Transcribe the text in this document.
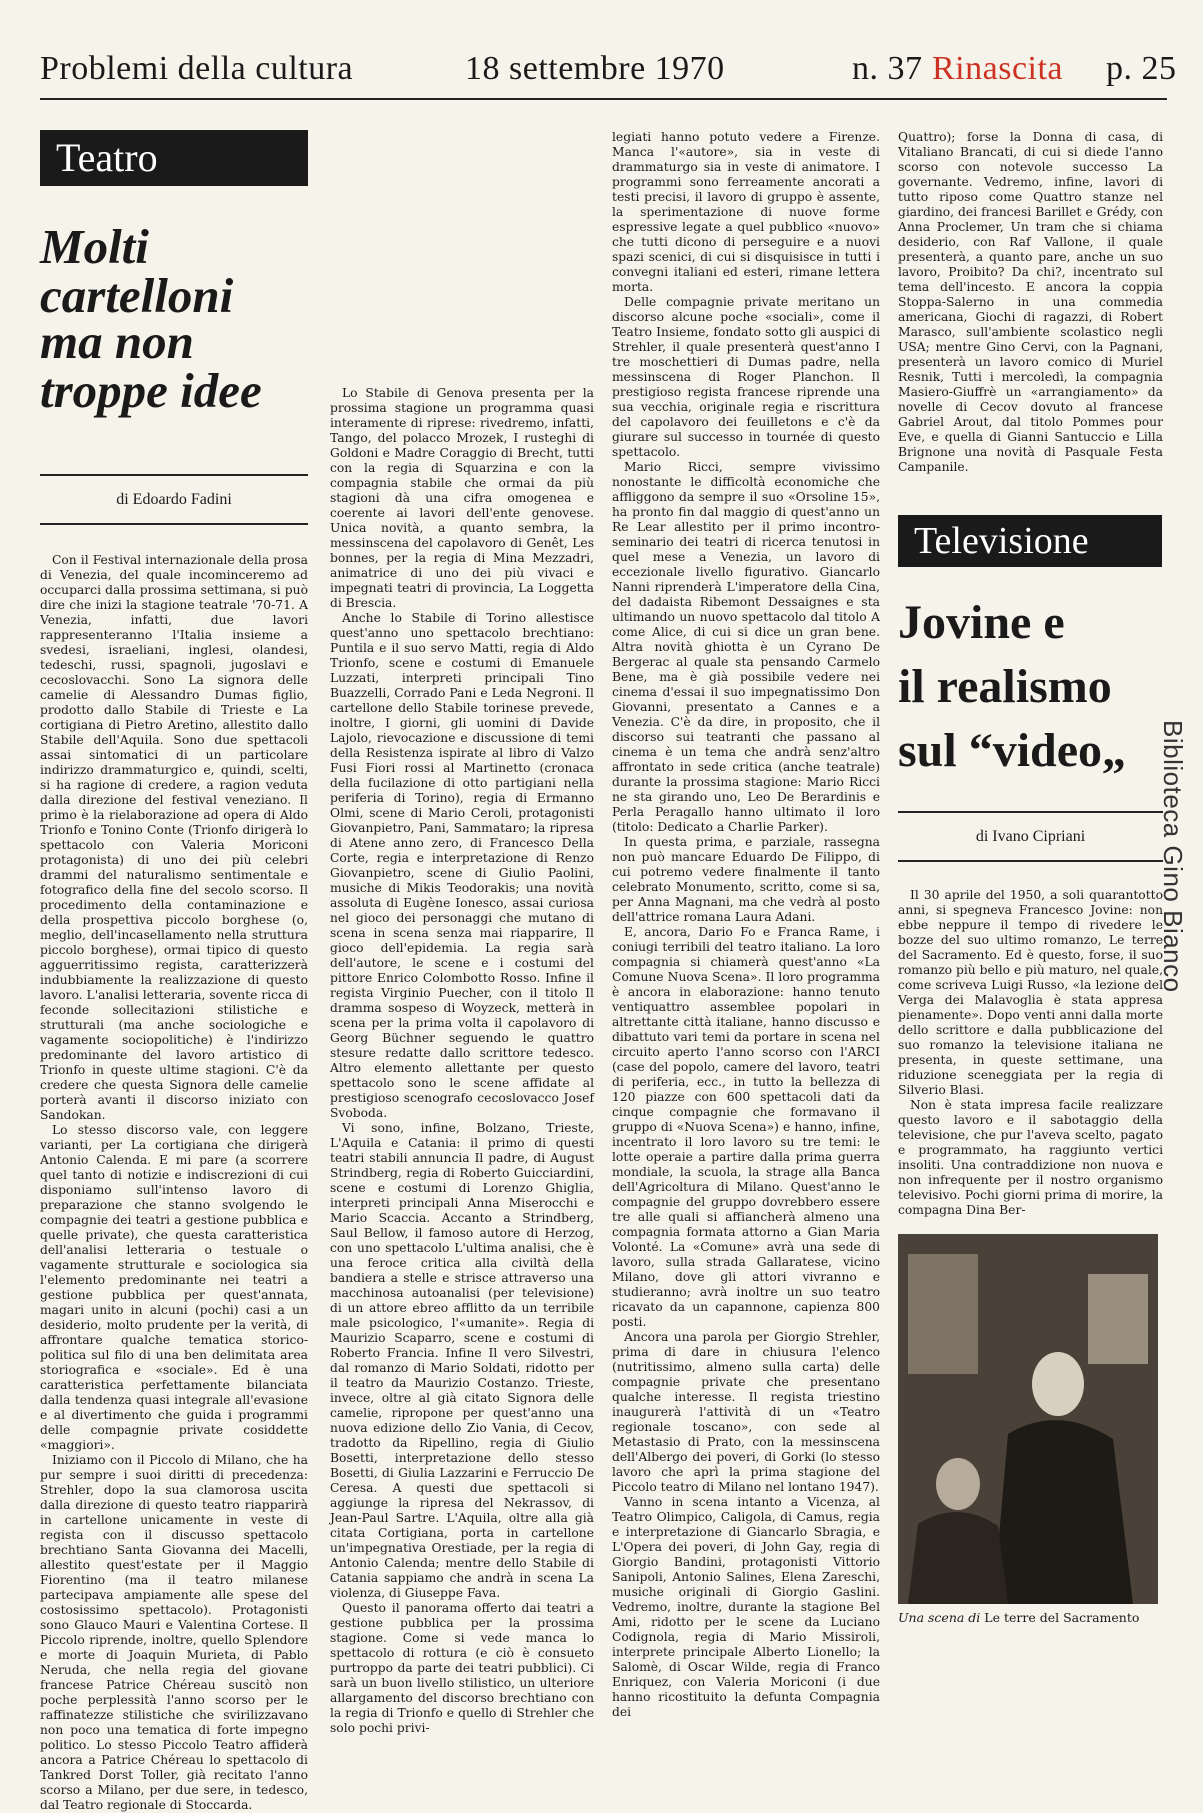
Problemi della cultura	18 settembre 1970	n. 37 Rinascita p. 25
Teatro
Molti cartelloni
ma non troppe idee
di Edoardo Fadini

Con il Festival internazionale della prosa di Venezia, del quale incominceremo ad occuparci dalla prossima settimana, si può dire che inizi la stagione teatrale '70-71. A Venezia, infatti, due lavori rappresenteranno l'Italia insieme a svedesi, israeliani, inglesi, olandesi, tedeschi, russi, spagnoli, jugoslavi e cecoslovacchi. Sono La signora delle camelie di Alessandro Dumas figlio, prodotto dallo Stabile di Trieste e La cortigiana di Pietro Aretino, allestito dallo Stabile dell'Aquila. Sono due spettacoli assai sintomatici di un particolare indirizzo drammaturgico e, quindi, scelti, si ha ragione di credere, a ragion veduta dalla direzione del festival veneziano. Il primo è la rielaborazione ad opera di Aldo Trionfo e Tonino Conte (Trionfo dirigerà lo spettacolo con Valeria Moriconi protagonista) di uno dei più celebri drammi del naturalismo sentimentale e fotografico della fine del secolo scorso. Il procedimento della contaminazione e della prospettiva piccolo borghese (o, meglio, dell'incasellamento nella struttura piccolo borghese), ormai tipico di questo agguerritissimo regista, caratterizzerà indubbiamente la realizzazione di questo lavoro. L'analisi letteraria, sovente ricca di feconde sollecitazioni stilistiche e strutturali (ma anche sociologiche e vagamente sociopolitiche) è l'indirizzo predominante del lavoro artistico di Trionfo in queste ultime stagioni. C'è da credere che questa Signora delle camelie porterà avanti il discorso iniziato con Sandokan.

Lo stesso discorso vale, con leggere varianti, per La cortigiana che dirigerà Antonio Calenda. E mi pare (a scorrere quel tanto di notizie e indiscrezioni di cui disponiamo sull'intenso lavoro di preparazione che stanno svolgendo le compagnie dei teatri a gestione pubblica e quelle private), che questa caratteristica dell'analisi letteraria o testuale o vagamente strutturale e sociologica sia l'elemento predominante nei teatri a gestione pubblica per quest'annata, magari unito in alcuni (pochi) casi a un desiderio, molto prudente per la verità, di affrontare qualche tematica storico-politica sul filo di una ben delimitata area storiografica e «sociale». Ed è una caratteristica perfettamente bilanciata dalla tendenza quasi integrale all'evasione e al divertimento che guida i programmi delle compagnie private cosiddette «maggiori».

Iniziamo con il Piccolo di Milano, che ha pur sempre i suoi diritti di precedenza: Strehler, dopo la sua clamorosa uscita dalla direzione di questo teatro riapparirà in cartellone unicamente in veste di regista con il discusso spettacolo brechtiano Santa Giovanna dei Macelli, allestito quest'estate per il Maggio Fiorentino (ma il teatro milanese partecipava ampiamente alle spese del costosissimo spettacolo). Protagonisti sono Glauco Mauri e Valentina Cortese. Il Piccolo riprende, inoltre, quello Splendore e morte di Joaquin Murieta, di Pablo Neruda, che nella regia del giovane francese Patrice Chéreau suscitò non poche perplessità l'anno scorso per le raffinatezze stilistiche che svirilizzavano non poco una tematica di forte impegno politico. Lo stesso Piccolo Teatro affiderà ancora a Patrice Chéreau lo spettacolo di Tankred Dorst Toller, già recitato l'anno scorso a Milano, per due sere, in tedesco, dal Teatro regionale di Stoccarda.

Lo Stabile di Genova presenta per la prossima stagione un programma quasi interamente di riprese: rivedremo, infatti, Tango, del polacco Mrozek, I rusteghi di Goldoni e Madre Coraggio di Brecht, tutti con la regia di Squarzina e con la compagnia stabile che ormai da più stagioni dà una cifra omogenea e coerente ai lavori dell'ente genovese. Unica novità, a quanto sembra, la messinscena del capolavoro di Genêt, Les bonnes, per la regia di Mina Mezzadri, animatrice di uno dei più vivaci e impegnati teatri di provincia, La Loggetta di Brescia.

Anche lo Stabile di Torino allestisce quest'anno uno spettacolo brechtiano: Puntila e il suo servo Matti, regia di Aldo Trionfo, scene e costumi di Emanuele Luzzati, interpreti principali Tino Buazzelli, Corrado Pani e Leda Negroni. Il cartellone dello Stabile torinese prevede, inoltre, I giorni, gli uomini di Davide Lajolo, rievocazione e discussione di temi della Resistenza ispirate al libro di Valzo Fusi Fiori rossi al Martinetto (cronaca della fucilazione di otto partigiani nella periferia di Torino), regia di Ermanno Olmi, scene di Mario Ceroli, protagonisti Giovanpietro, Pani, Sammataro; la ripresa di Atene anno zero, di Francesco Della Corte, regia e interpretazione di Renzo Giovanpietro, scene di Giulio Paolini, musiche di Mikis Teodorakis; una novità assoluta di Eugène Ionesco, assai curiosa nel gioco dei personaggi che mutano di scena in scena senza mai riapparire, Il gioco dell'epidemia. La regia sarà dell'autore, le scene e i costumi del pittore Enrico Colombotto Rosso. Infine il regista Virginio Puecher, con il titolo Il dramma sospeso di Woyzeck, metterà in scena per la prima volta il capolavoro di Georg Büchner seguendo le quattro stesure redatte dallo scrittore tedesco. Altro elemento allettante per questo spettacolo sono le scene affidate al prestigioso scenografo cecoslovacco Josef Svoboda.

Vi sono, infine, Bolzano, Trieste, L'Aquila e Catania: il primo di questi teatri stabili annuncia Il padre, di August Strindberg, regia di Roberto Guicciardini, scene e costumi di Lorenzo Ghiglia, interpreti principali Anna Miserocchi e Mario Scaccia. Accanto a Strindberg, Saul Bellow, il famoso autore di Herzog, con uno spettacolo L'ultima analisi, che è una feroce critica alla civiltà della bandiera a stelle e strisce attraverso una macchinosa autoanalisi (per televisione) di un attore ebreo afflitto da un terribile male psicologico, l'«umanite». Regia di Maurizio Scaparro, scene e costumi di Roberto Francia. Infine Il vero Silvestri, dal romanzo di Mario Soldati, ridotto per il teatro da Maurizio Costanzo. Trieste, invece, oltre al già citato Signora delle camelie, ripropone per quest'anno una nuova edizione dello Zio Vania, di Cecov, tradotto da Ripellino, regia di Giulio Bosetti, interpretazione dello stesso Bosetti, di Giulia Lazzarini e Ferruccio De Ceresa. A questi due spettacoli si aggiunge la ripresa del Nekrassov, di Jean-Paul Sartre. L'Aquila, oltre alla già citata Cortigiana, porta in cartellone un'impegnativa Orestiade, per la regia di Antonio Calenda; mentre dello Stabile di Catania sappiamo che andrà in scena La violenza, di Giuseppe Fava.

Questo il panorama offerto dai teatri a gestione pubblica per la prossima stagione. Come si vede manca lo spettacolo di rottura (e ciò è consueto purtroppo da parte dei teatri pubblici). Ci sarà un buon livello stilistico, un ulteriore allargamento del discorso brechtiano con la regia di Trionfo e quello di Strehler che solo pochi privi-

legiati hanno potuto vedere a Firenze. Manca l'«autore», sia in veste di drammaturgo sia in veste di animatore. I programmi sono ferreamente ancorati a testi precisi, il lavoro di gruppo è assente, la sperimentazione di nuove forme espressive legate a quel pubblico «nuovo» che tutti dicono di perseguire e a nuovi spazi scenici, di cui si disquisisce in tutti i convegni italiani ed esteri, rimane lettera morta.

Delle compagnie private meritano un discorso alcune poche «sociali», come il Teatro Insieme, fondato sotto gli auspici di Strehler, il quale presenterà quest'anno I tre moschettieri di Dumas padre, nella messinscena di Roger Planchon. Il prestigioso regista francese riprende una sua vecchia, originale regia e riscrittura del capolavoro dei feuilletons e c'è da giurare sul successo in tournée di questo spettacolo.

Mario Ricci, sempre vivissimo nonostante le difficoltà economiche che affliggono da sempre il suo «Orsoline 15», ha pronto fin dal maggio di quest'anno un Re Lear allestito per il primo incontro-seminario dei teatri di ricerca tenutosi in quel mese a Venezia, un lavoro di eccezionale livello figurativo. Giancarlo Nanni riprenderà L'imperatore della Cina, del dadaista Ribemont Dessaignes e sta ultimando un nuovo spettacolo dal titolo A come Alice, di cui si dice un gran bene. Altra novità ghiotta è un Cyrano De Bergerac al quale sta pensando Carmelo Bene, ma è già possibile vedere nei cinema d'essai il suo impegnatissimo Don Giovanni, presentato a Cannes e a Venezia. C'è da dire, in proposito, che il discorso sui teatranti che passano al cinema è un tema che andrà senz'altro affrontato in sede critica (anche teatrale) durante la prossima stagione: Mario Ricci ne sta girando uno, Leo De Berardinis e Perla Peragallo hanno ultimato il loro (titolo: Dedicato a Charlie Parker).

In questa prima, e parziale, rassegna non può mancare Eduardo De Filippo, di cui potremo vedere finalmente il tanto celebrato Monumento, scritto, come si sa, per Anna Magnani, ma che vedrà al posto dell'attrice romana Laura Adani.

E, ancora, Dario Fo e Franca Rame, i coniugi terribili del teatro italiano. La loro compagnia si chiamerà quest'anno «La Comune Nuova Scena». Il loro programma è ancora in elaborazione: hanno tenuto ventiquattro assemblee popolari in altrettante città italiane, hanno discusso e dibattuto vari temi da portare in scena nel circuito aperto l'anno scorso con l'ARCI (case del popolo, camere del lavoro, teatri di periferia, ecc., in tutto la bellezza di 120 piazze con 600 spettacoli dati da cinque compagnie che formavano il gruppo di «Nuova Scena») e hanno, infine, incentrato il loro lavoro su tre temi: le lotte operaie a partire dalla prima guerra mondiale, la scuola, la strage alla Banca dell'Agricoltura di Milano. Quest'anno le compagnie del gruppo dovrebbero essere tre alle quali si affiancherà almeno una compagnia formata attorno a Gian Maria Volonté. La «Comune» avrà una sede di lavoro, sulla strada Gallaratese, vicino Milano, dove gli attori vivranno e studieranno; avrà inoltre un suo teatro ricavato da un capannone, capienza 800 posti.

Ancora una parola per Giorgio Strehler, prima di dare in chiusura l'elenco (nutritissimo, almeno sulla carta) delle compagnie private che presentano qualche interesse. Il regista triestino inaugurerà l'attività di un «Teatro regionale toscano», con sede al Metastasio di Prato, con la messinscena dell'Albergo dei poveri, di Gorki (lo stesso lavoro che aprì la prima stagione del Piccolo teatro di Milano nel lontano 1947).

Vanno in scena intanto a Vicenza, al Teatro Olimpico, Caligola, di Camus, regia e interpretazione di Giancarlo Sbragia, e L'Opera dei poveri, di John Gay, regia di Giorgio Bandini, protagonisti Vittorio Sanipoli, Antonio Salines, Elena Zareschi, musiche originali di Giorgio Gaslini. Vedremo, inoltre, durante la stagione Bel Ami, ridotto per le scene da Luciano Codignola, regia di Mario Missiroli, interprete principale Alberto Lionello; la Salomè, di Oscar Wilde, regia di Franco Enriquez, con Valeria Moriconi (i due hanno ricostituito la defunta Compagnia dei

Quattro); forse la Donna di casa, di Vitaliano Brancati, di cui si diede l'anno scorso con notevole successo La governante. Vedremo, infine, lavori di tutto riposo come Quattro stanze nel giardino, dei francesi Barillet e Grédy, con Anna Proclemer, Un tram che si chiama desiderio, con Raf Vallone, il quale presenterà, a quanto pare, anche un suo lavoro, Proibito? Da chi?, incentrato sul tema dell'incesto. E ancora la coppia Stoppa-Salerno in una commedia americana, Giochi di ragazzi, di Robert Marasco, sull'ambiente scolastico negli USA; mentre Gino Cervi, con la Pagnani, presenterà un lavoro comico di Muriel Resnik, Tutti i mercoledì, la compagnia Masiero-Giuffrè un «arrangiamento» da novelle di Cecov dovuto al francese Gabriel Arout, dal titolo Pommes pour Eve, e quella di Gianni Santuccio e Lilla Brignone una novità di Pasquale Festa Campanile.

Televisione
Jovine e
il realismo
sul “video„
di Ivano Cipriani

Il 30 aprile del 1950, a soli quarantotto anni, si spegneva Francesco Jovine: non ebbe neppure il tempo di rivedere le bozze del suo ultimo romanzo, Le terre del Sacramento. Ed è questo, forse, il suo romanzo più bello e più maturo, nel quale, come scriveva Luigi Russo, «la lezione del Verga dei Malavoglia è stata appresa pienamente». Dopo venti anni dalla morte dello scrittore e dalla pubblicazione del suo romanzo la televisione italiana ne presenta, in queste settimane, una riduzione sceneggiata per la regia di Silverio Blasi.

Non è stata impresa facile realizzare questo lavoro e il sabotaggio della televisione, che pur l'aveva scelto, pagato e programmato, ha raggiunto vertici insoliti. Una contraddizione non nuova e non infrequente per il nostro organismo televisivo. Pochi giorni prima di morire, la compagna Dina Ber-

Una scena di Le terre del Sacramento
Biblioteca Gino Bianco
